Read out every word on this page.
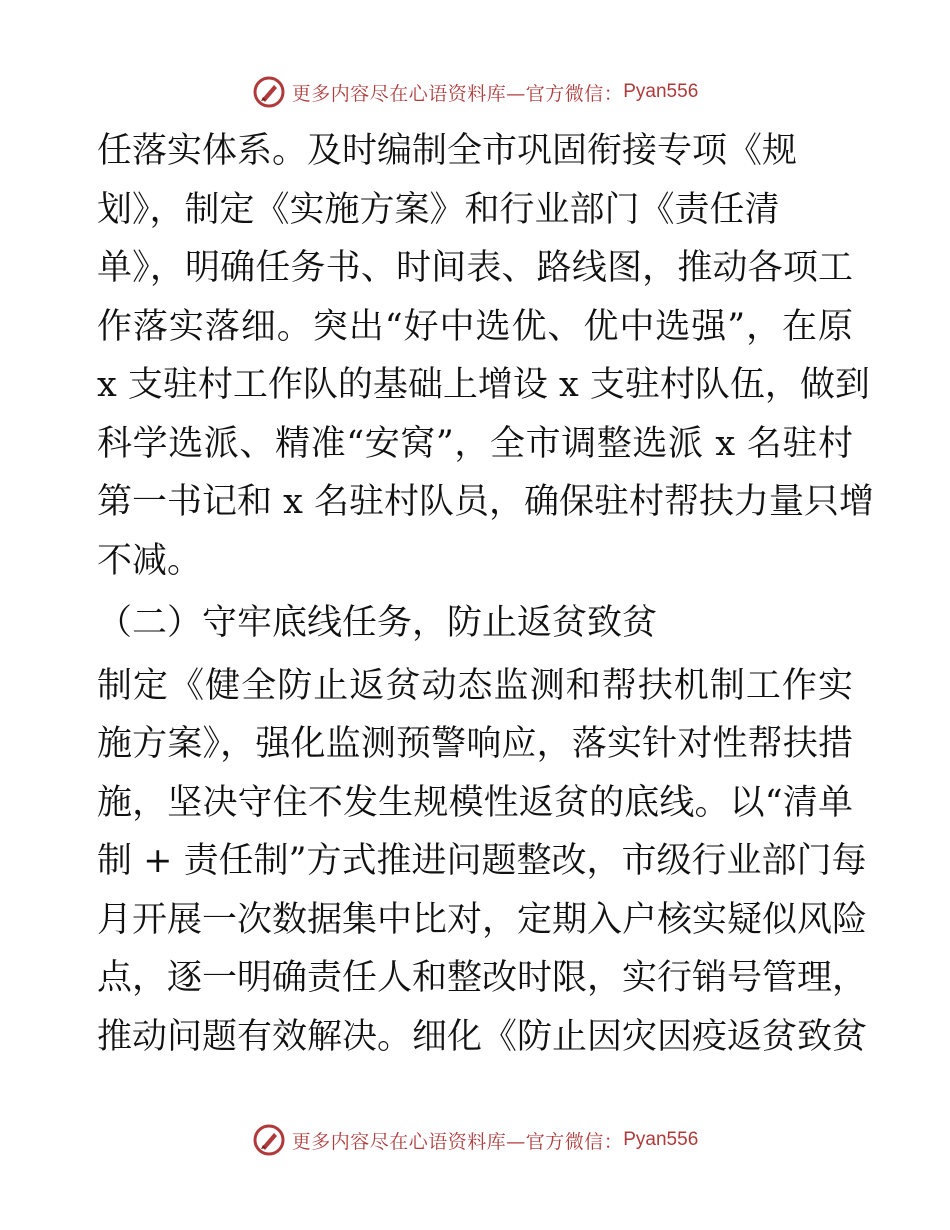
更多内容尽在心语资料库—官方微信： Pyan556
任落实体系。及时编制全市巩固衔接专项《规
划》，制定《实施方案》和行业部门《责任清
单》，明确任务书、时间表、路线图，推动各项工
作落实落细。突出“好中选优、优中选强”，在原
x 支驻村工作队的基础上增设 x 支驻村队伍，做到
科学选派、精准“安窝”，全市调整选派 x 名驻村
第一书记和 x 名驻村队员，确保驻村帮扶力量只增
不减。
（二）守牢底线任务，防止返贫致贫
制定《健全防止返贫动态监测和帮扶机制工作实
施方案》，强化监测预警响应，落实针对性帮扶措
施，坚决守住不发生规模性返贫的底线。以“清单
制 + 责任制”方式推进问题整改，市级行业部门每
月开展一次数据集中比对，定期入户核实疑似风险
点，逐一明确责任人和整改时限，实行销号管理，
推动问题有效解决。细化《防止因灾因疫返贫致贫
更多内容尽在心语资料库—官方微信： Pyan556
